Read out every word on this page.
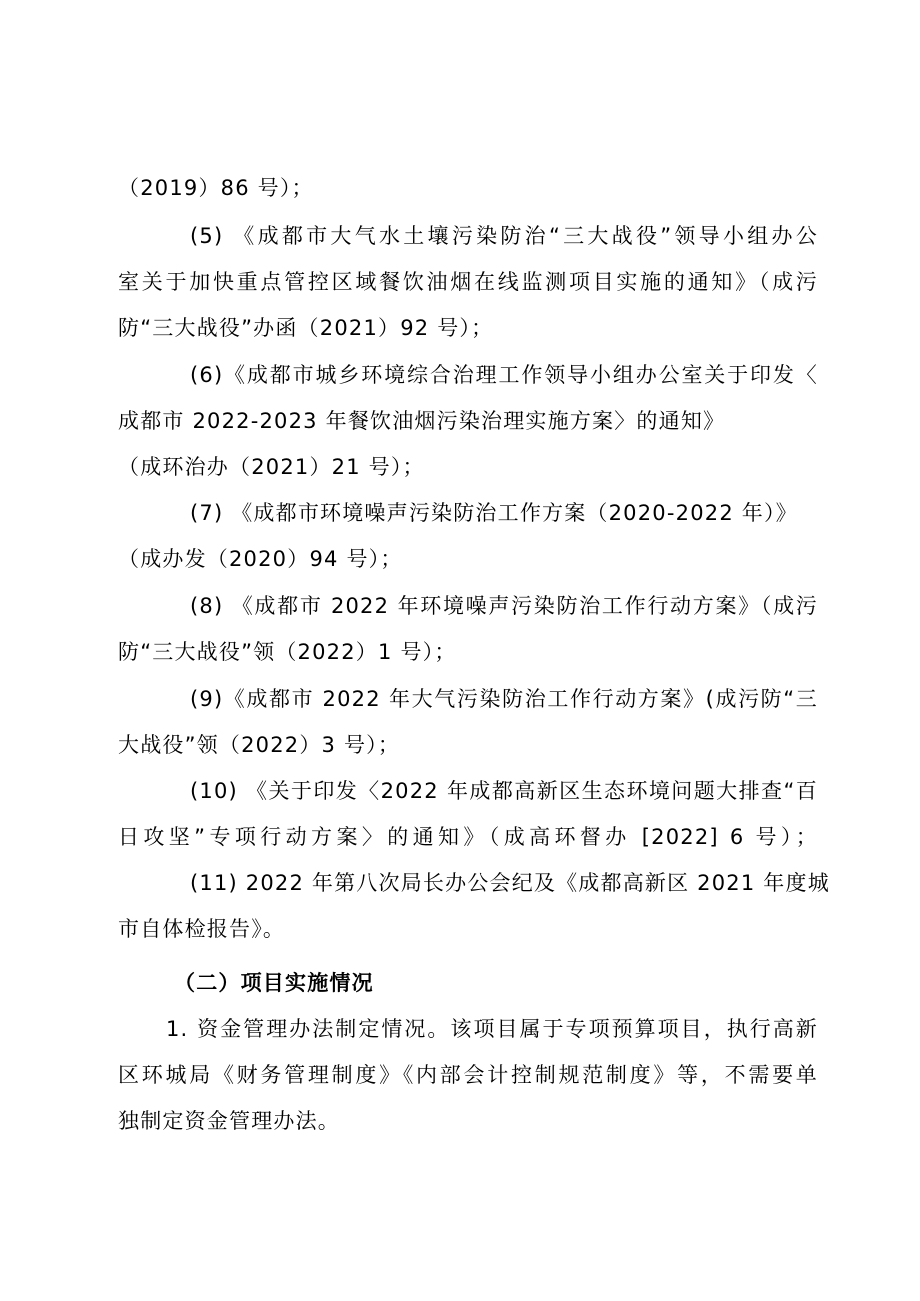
（2019）86 号）；
(5) 《成都市大气水土壤污染防治“三大战役”领导小组办公
室关于加快重点管控区域餐饮油烟在线监测项目实施的通知》（成污
防“三大战役”办函（2021）92 号）；
(6)《成都市城乡环境综合治理工作领导小组办公室关于印发〈
成都市 2022-2023 年餐饮油烟污染治理实施方案〉的通知》
（成环治办（2021）21 号）；
(7) 《成都市环境噪声污染防治工作方案（2020-2022 年）》
（成办发（2020）94 号）；
(8) 《成都市 2022 年环境噪声污染防治工作行动方案》（成污
防“三大战役”领（2022）1 号）；
(9)《成都市 2022 年大气污染防治工作行动方案》(成污防“三
大战役”领（2022）3 号）；
(10) 《关于印发〈2022 年成都高新区生态环境问题大排查“百
日攻坚”专项行动方案〉的通知》（成高环督办 [2022] 6 号）；
(11) 2022 年第八次局长办公会纪及《成都高新区 2021 年度城
市自体检报告》。
（二）项目实施情况
1. 资金管理办法制定情况。该项目属于专项预算项目，执行高新
区环城局《财务管理制度》《内部会计控制规范制度》等，不需要单
独制定资金管理办法。
